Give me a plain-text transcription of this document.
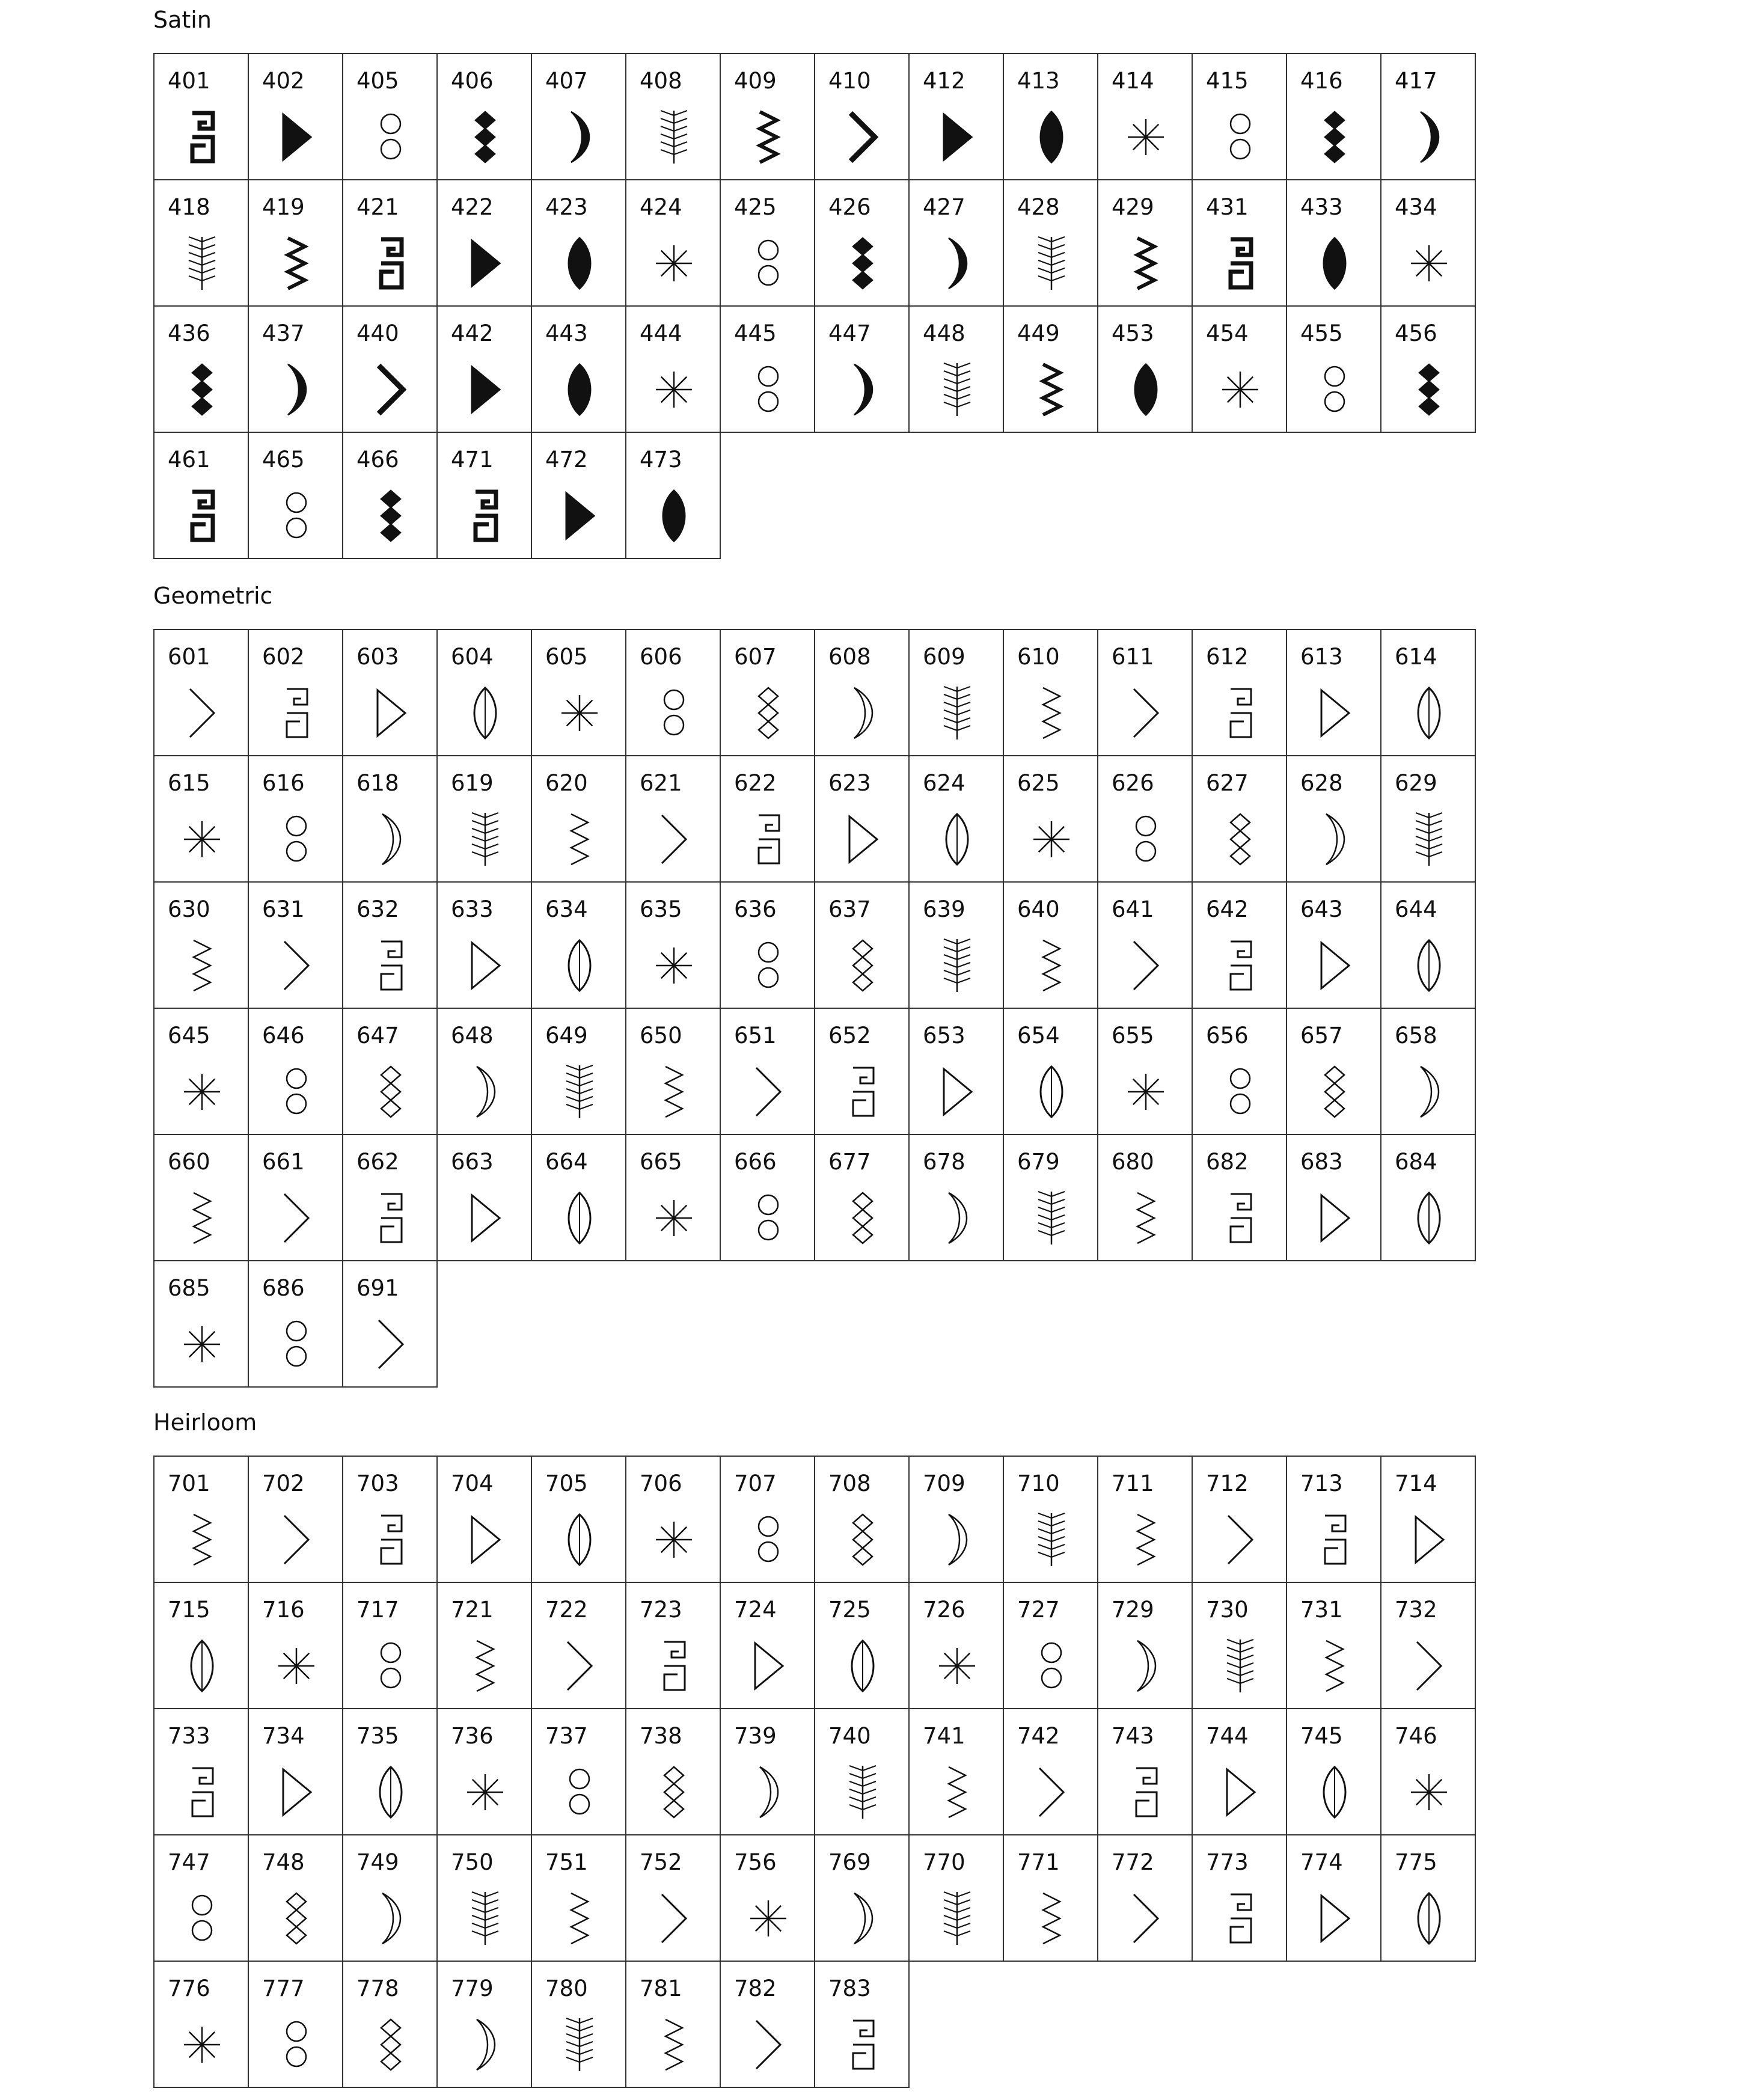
Satin
401 402 405 406 407 408 409 410 412 413 414 415 416 417
418 419 421 422 423 424 425 426 427 428 429 431 433 434
436 437 440 442 443 444 445 447 448 449 453 454 455 456
461 465 466 471 472 473
Geometric
601 602 603 604 605 606 607 608 609 610 611 612 613 614
615 616 618 619 620 621 622 623 624 625 626 627 628 629
630 631 632 633 634 635 636 637 639 640 641 642 643 644
645 646 647 648 649 650 651 652 653 654 655 656 657 658
660 661 662 663 664 665 666 677 678 679 680 682 683 684
685 686 691
Heirloom
701 702 703 704 705 706 707 708 709 710 711 712 713 714
715 716 717 721 722 723 724 725 726 727 729 730 731 732
733 734 735 736 737 738 739 740 741 742 743 744 745 746
747 748 749 750 751 752 756 769 770 771 772 773 774 775
776 777 778 779 780 781 782 783
